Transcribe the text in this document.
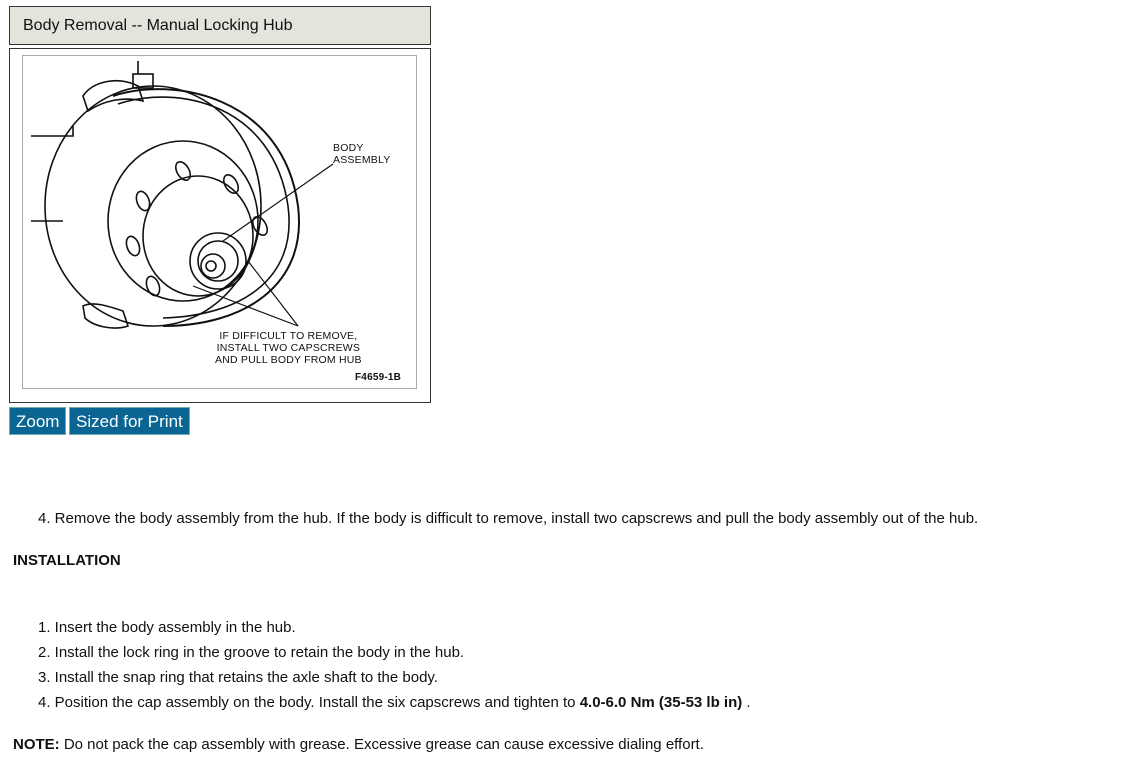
Body Removal -- Manual Locking Hub
BODY
ASSEMBLY
IF DIFFICULT TO REMOVE,
INSTALL TWO CAPSCREWS
AND PULL BODY FROM HUB
F4659-1B
Zoom Sized for Print
4. Remove the body assembly from the hub. If the body is difficult to remove, install two capscrews and pull the body assembly out of the hub.
INSTALLATION
1. Insert the body assembly in the hub.
2. Install the lock ring in the groove to retain the body in the hub.
3. Install the snap ring that retains the axle shaft to the body.
4. Position the cap assembly on the body. Install the six capscrews and tighten to 4.0-6.0 Nm (35-53 lb in) .
NOTE: Do not pack the cap assembly with grease. Excessive grease can cause excessive dialing effort.
